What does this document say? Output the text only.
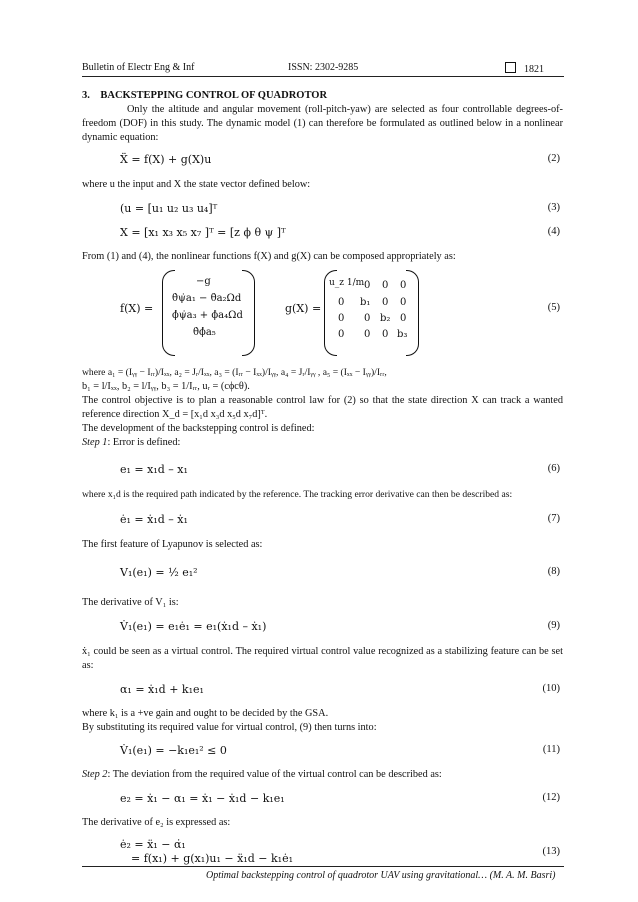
Bulletin of Electr Eng & Inf	ISSN: 2302-9285	1821
3. BACKSTEPPING CONTROL OF QUADROTOR
Only the altitude and angular movement (roll-pitch-yaw) are selected as four controllable degrees-of-freedom (DOF) in this study. The dynamic model (1) can therefore be formulated as outlined below in a nonlinear dynamic equation:
Ẍ = f(X) + g(X)u	(2)
where u the input and X the state vector defined below:
(u = [u₁ u₂ u₃ u₄]ᵀ	(3)
X = [x₁ x₃ x₅ x₇ ]ᵀ = [z ϕ θ ψ ]ᵀ	(4)
From (1) and (4), the nonlinear functions f(X) and g(X) can be composed appropriately as:
f(X) =
−g
θ̇ψ̇a₁ − θ̇a₂Ωd
ϕ̇ψ̇a₃ + ϕ̇a₄Ωd
θ̇ϕ̇a₅
g(X) =
u_z 1/m 0 0 0
0 b₁ 0 0
0 0 b₂ 0
0 0 0 b₃
(5)
where a₁ = (Iᵧᵧ − Iᵣᵣ)/Iₓₓ, a₂ = Jᵣ/Iₓₓ, a₃ = (Iᵣᵣ − Iₓₓ)/Iᵧᵧ, a₄ = Jᵣ/Iᵧᵧ , a₅ = (Iₓₓ − Iᵧᵧ)/Iᵣᵣ,
b₁ = l/Iₓₓ, b₂ = l/Iᵧᵧ, b₃ = 1/Iᵣᵣ, uᵣ = (cϕcθ).
The control objective is to plan a reasonable control law for (2) so that the state direction X can track a wanted reference direction X_d = [x₁d x₃d x₅d x₇d]ᵀ.
The development of the backstepping control is defined:
Step 1: Error is defined:
e₁ = x₁d – x₁	(6)
where x₁d is the required path indicated by the reference. The tracking error derivative can then be described as:
ė₁ = ẋ₁d – ẋ₁	(7)
The first feature of Lyapunov is selected as:
V₁(e₁) = ½ e₁²	(8)
The derivative of V₁ is:
V̇₁(e₁) = e₁ė₁ = e₁(ẋ₁d – ẋ₁)	(9)
ẋ₁ could be seen as a virtual control. The required virtual control value recognized as a stabilizing feature can be set as:
α₁ = ẋ₁d + k₁e₁	(10)
where k₁ is a +ve gain and ought to be decided by the GSA.
By substituting its required value for virtual control, (9) then turns into:
V̇₁(e₁) = −k₁e₁² ≤ 0	(11)
Step 2: The deviation from the required value of the virtual control can be described as:
e₂ = ẋ₁ − α₁ = ẋ₁ − ẋ₁d − k₁e₁	(12)
The derivative of e₂ is expressed as:
ė₂ = ẍ₁ − α̇₁
= f(x₁) + g(x₁)u₁ − ẍ₁d − k₁ė₁
(13)
Optimal backstepping control of quadrotor UAV using gravitational… (M. A. M. Basri)
